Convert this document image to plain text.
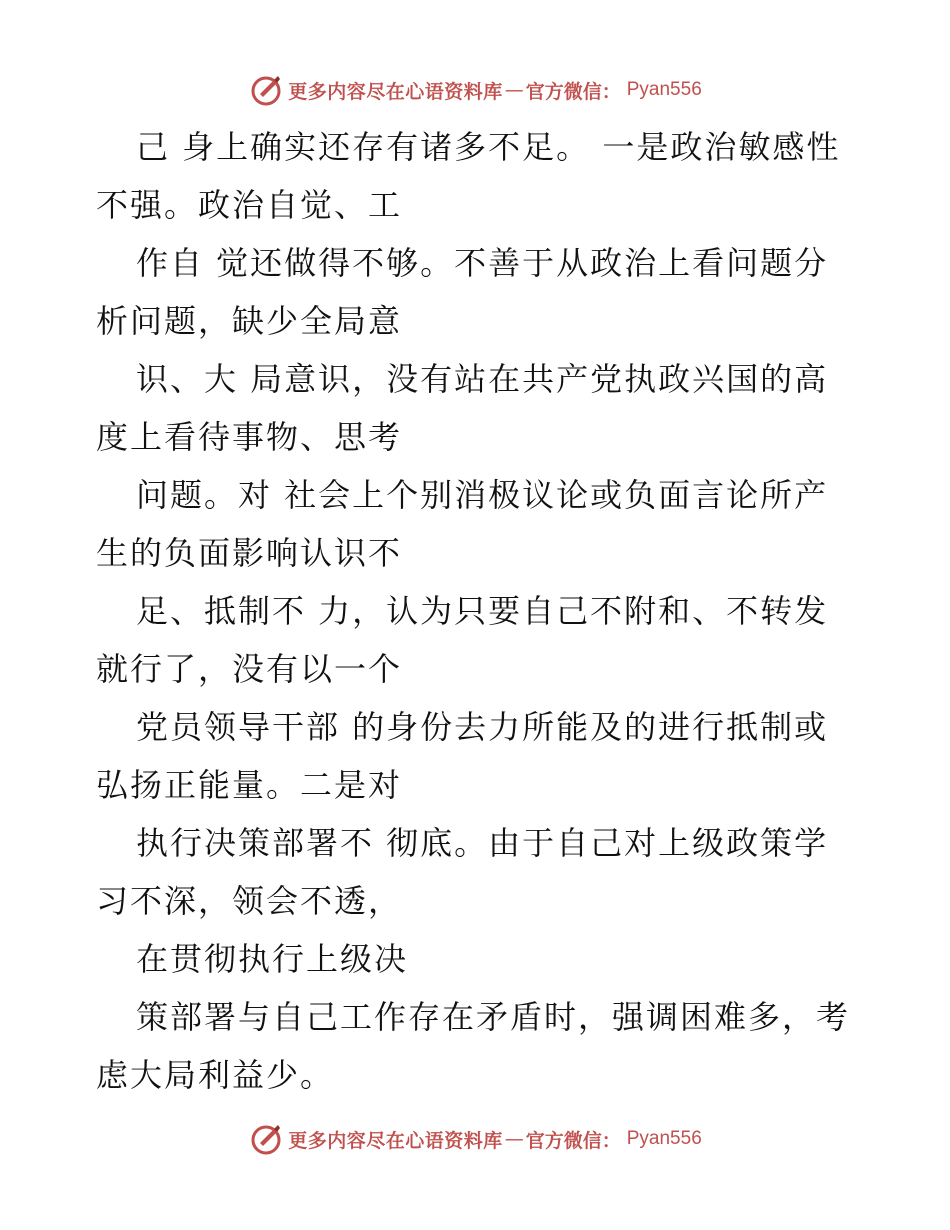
更多内容尽在心语资料库 — 官方微信： Pyan556
己 身上确实还存有诸多不足。 一是政治敏感性
不强。政治自觉、工
作自 觉还做得不够。不善于从政治上看问题分
析问题，缺少全局意
识、大 局意识，没有站在共产党执政兴国的高
度上看待事物、思考
问题。对 社会上个别消极议论或负面言论所产
生的负面影响认识不
足、抵制不 力，认为只要自己不附和、不转发
就行了，没有以一个
党员领导干部 的身份去力所能及的进行抵制或
弘扬正能量。二是对
执行决策部署不 彻底。由于自己对上级政策学
习不深，领会不透，
在贯彻执行上级决
策部署与自己工作存在矛盾时，强调困难多，考
虑大局利益少。
更多内容尽在心语资料库 — 官方微信： Pyan556
